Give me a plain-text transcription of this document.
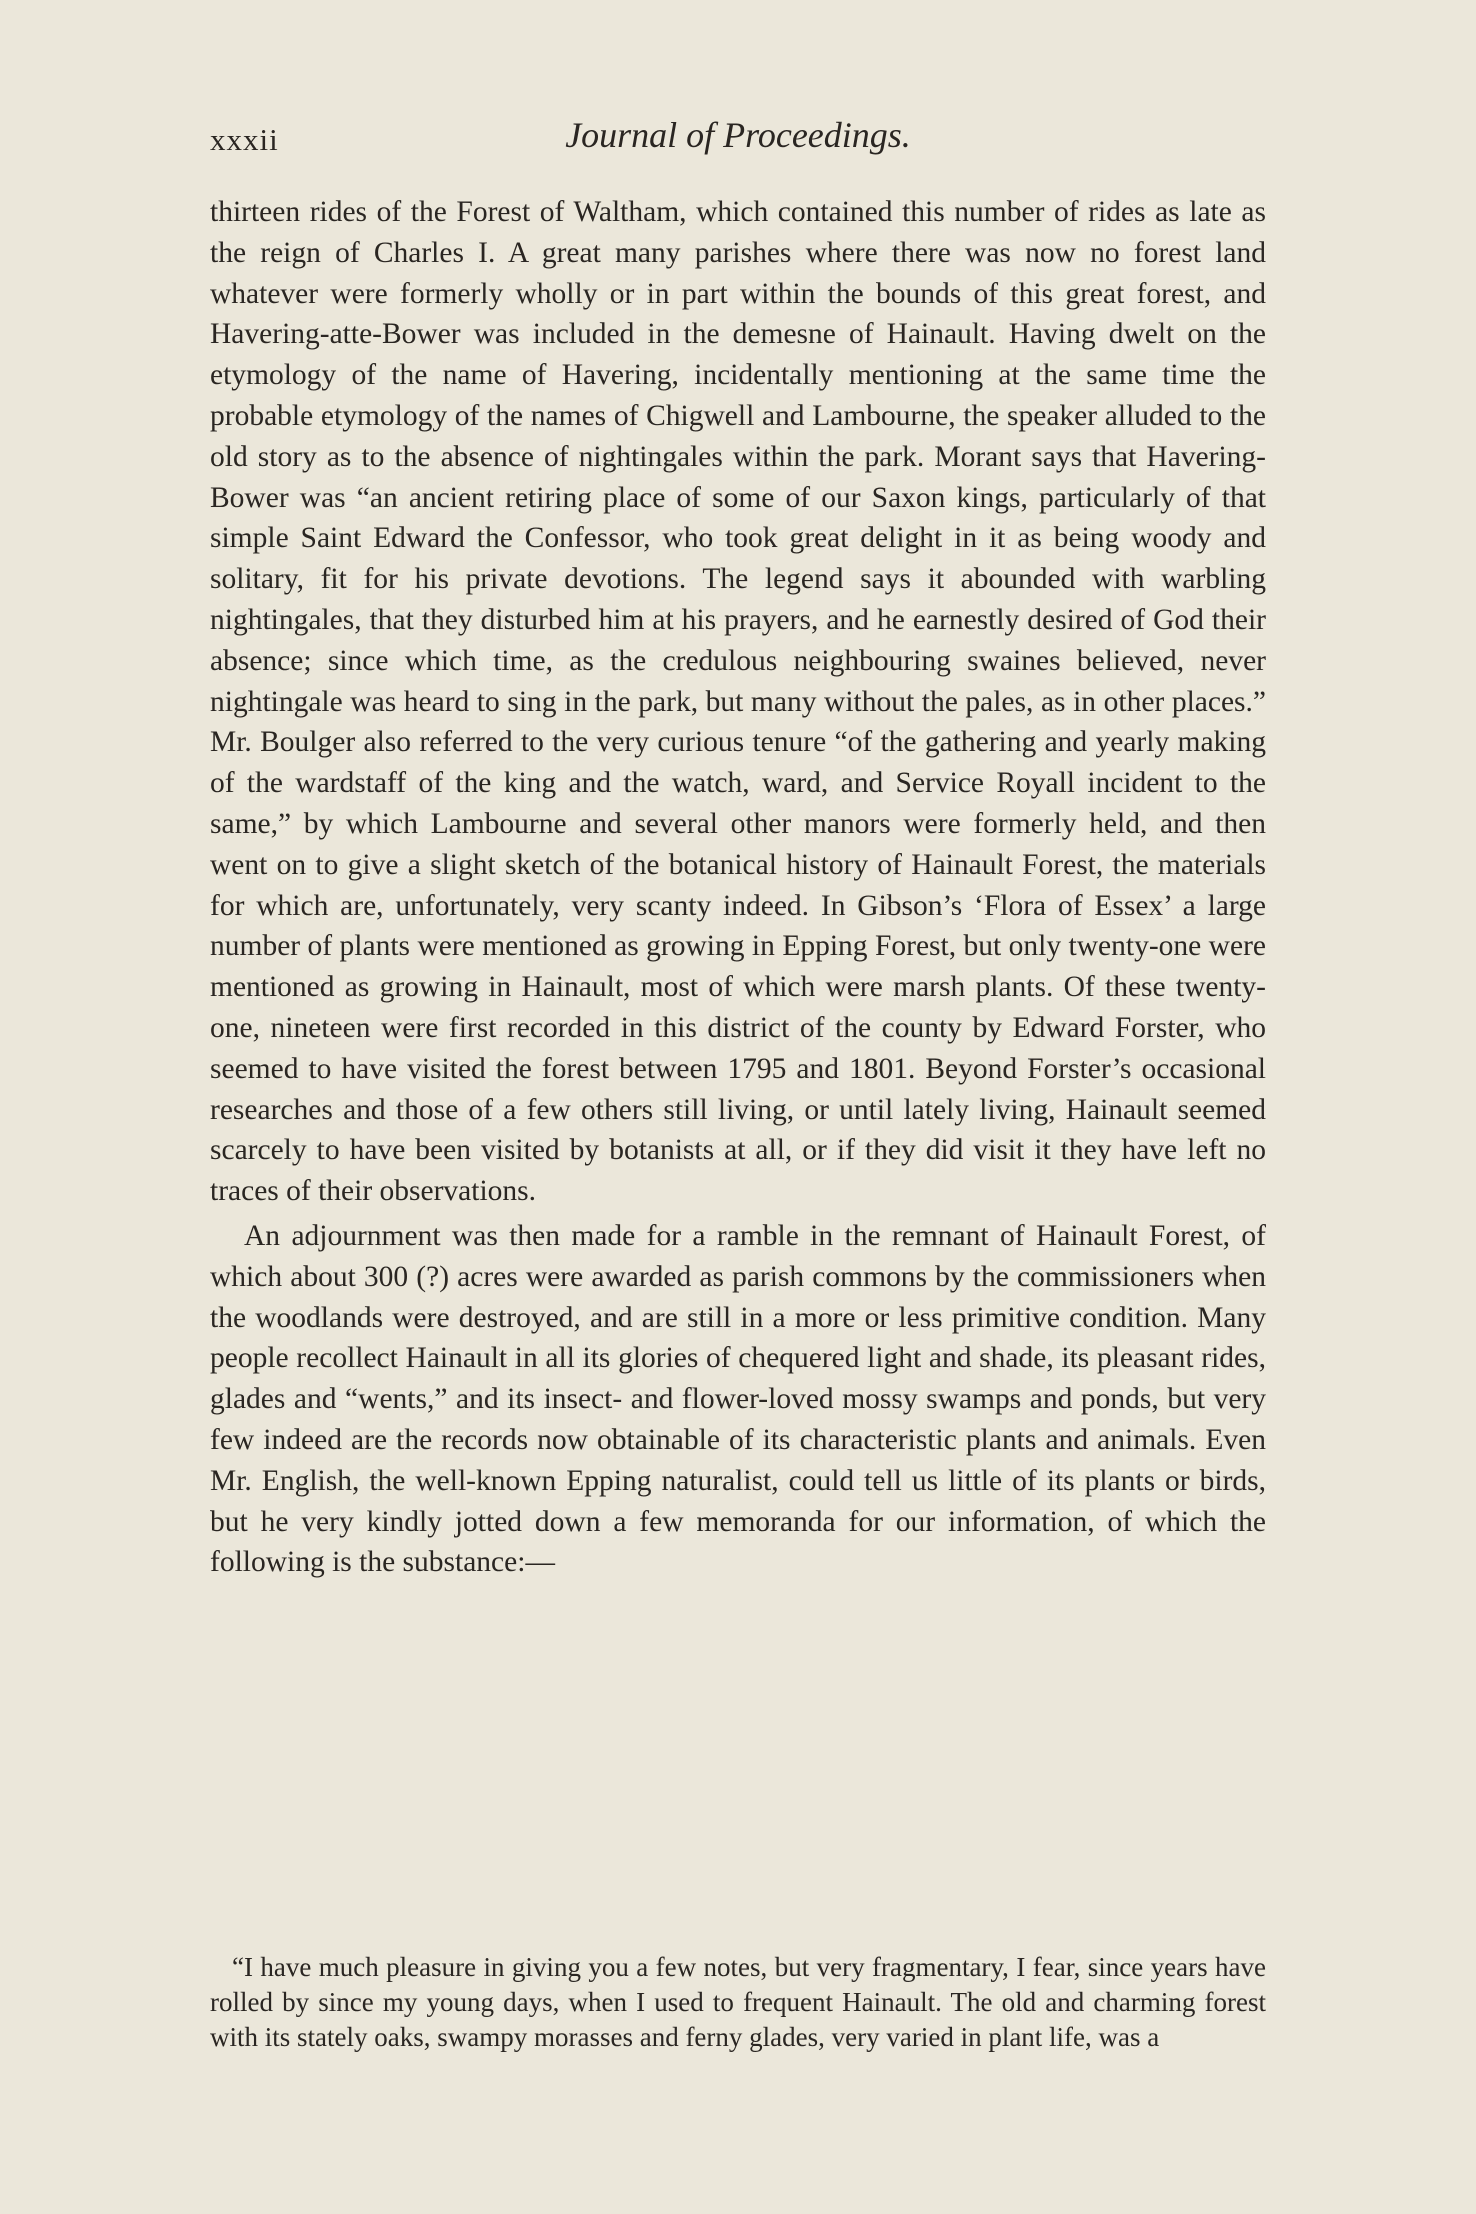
xxxii	Journal of Proceedings.

thirteen rides of the Forest of Waltham, which contained this number of rides as late as the reign of Charles I. A great many parishes where there was now no forest land whatever were formerly wholly or in part within the bounds of this great forest, and Havering-atte-Bower was included in the demesne of Hainault. Having dwelt on the etymology of the name of Havering, incidentally mentioning at the same time the probable etymology of the names of Chigwell and Lambourne, the speaker alluded to the old story as to the absence of nightingales within the park. Morant says that Havering-Bower was “an ancient retiring place of some of our Saxon kings, particularly of that simple Saint Edward the Confessor, who took great delight in it as being woody and solitary, fit for his private devotions. The legend says it abounded with warbling nightingales, that they disturbed him at his prayers, and he earnestly desired of God their absence; since which time, as the credulous neighbouring swaines believed, never nightingale was heard to sing in the park, but many without the pales, as in other places.” Mr. Boulger also referred to the very curious tenure “of the gathering and yearly making of the wardstaff of the king and the watch, ward, and Service Royall incident to the same,” by which Lambourne and several other manors were formerly held, and then went on to give a slight sketch of the botanical history of Hainault Forest, the materials for which are, unfortunately, very scanty indeed. In Gibson’s ‘Flora of Essex’ a large number of plants were mentioned as growing in Epping Forest, but only twenty-one were mentioned as growing in Hainault, most of which were marsh plants. Of these twenty-one, nineteen were first recorded in this district of the county by Edward Forster, who seemed to have visited the forest between 1795 and 1801. Beyond Forster’s occasional researches and those of a few others still living, or until lately living, Hainault seemed scarcely to have been visited by botanists at all, or if they did visit it they have left no traces of their observations.

An adjournment was then made for a ramble in the remnant of Hainault Forest, of which about 300 (?) acres were awarded as parish commons by the commissioners when the woodlands were destroyed, and are still in a more or less primitive condition. Many people recollect Hainault in all its glories of chequered light and shade, its pleasant rides, glades and “wents,” and its insect- and flower-loved mossy swamps and ponds, but very few indeed are the records now obtainable of its characteristic plants and animals. Even Mr. English, the well-known Epping naturalist, could tell us little of its plants or birds, but he very kindly jotted down a few memoranda for our information, of which the following is the substance:—

“I have much pleasure in giving you a few notes, but very fragmentary, I fear, since years have rolled by since my young days, when I used to frequent Hainault. The old and charming forest with its stately oaks, swampy morasses and ferny glades, very varied in plant life, was a
